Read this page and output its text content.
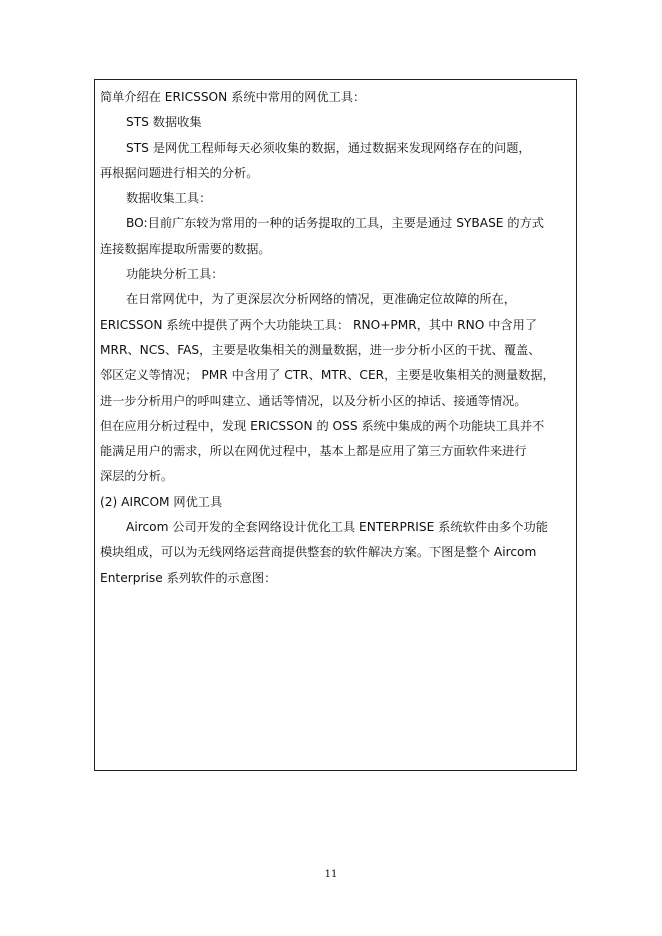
简单介绍在 ERICSSON 系统中常用的网优工具：
STS 数据收集
STS 是网优工程师每天必须收集的数据，通过数据来发现网络存在的问题，
再根据问题进行相关的分析。
数据收集工具：
BO:目前广东较为常用的一种的话务提取的工具，主要是通过 SYBASE 的方式
连接数据库提取所需要的数据。
功能块分析工具：
在日常网优中，为了更深层次分析网络的情况，更准确定位故障的所在，
ERICSSON 系统中提供了两个大功能块工具： RNO+PMR，其中 RNO 中含用了
MRR、NCS、FAS，主要是收集相关的测量数据，进一步分析小区的干扰、覆盖、
邻区定义等情况； PMR 中含用了 CTR、MTR、CER，主要是收集相关的测量数据，
进一步分析用户的呼叫建立、通话等情况，以及分析小区的掉话、接通等情况。
但在应用分析过程中，发现 ERICSSON 的 OSS 系统中集成的两个功能块工具并不
能满足用户的需求，所以在网优过程中，基本上都是应用了第三方面软件来进行
深层的分析。
(2) AIRCOM 网优工具
Aircom 公司开发的全套网络设计优化工具 ENTERPRISE 系统软件由多个功能
模块组成，可以为无线网络运营商提供整套的软件解决方案。下图是整个 Aircom
Enterprise 系列软件的示意图：
11
